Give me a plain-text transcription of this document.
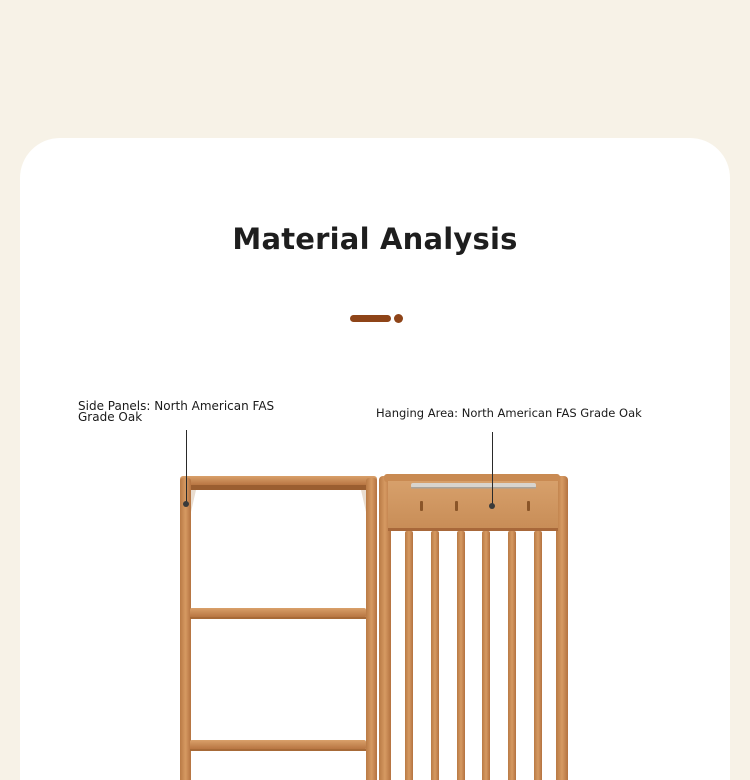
Material Analysis
Side Panels: North American FAS Grade Oak	Hanging Area: North American FAS Grade Oak
